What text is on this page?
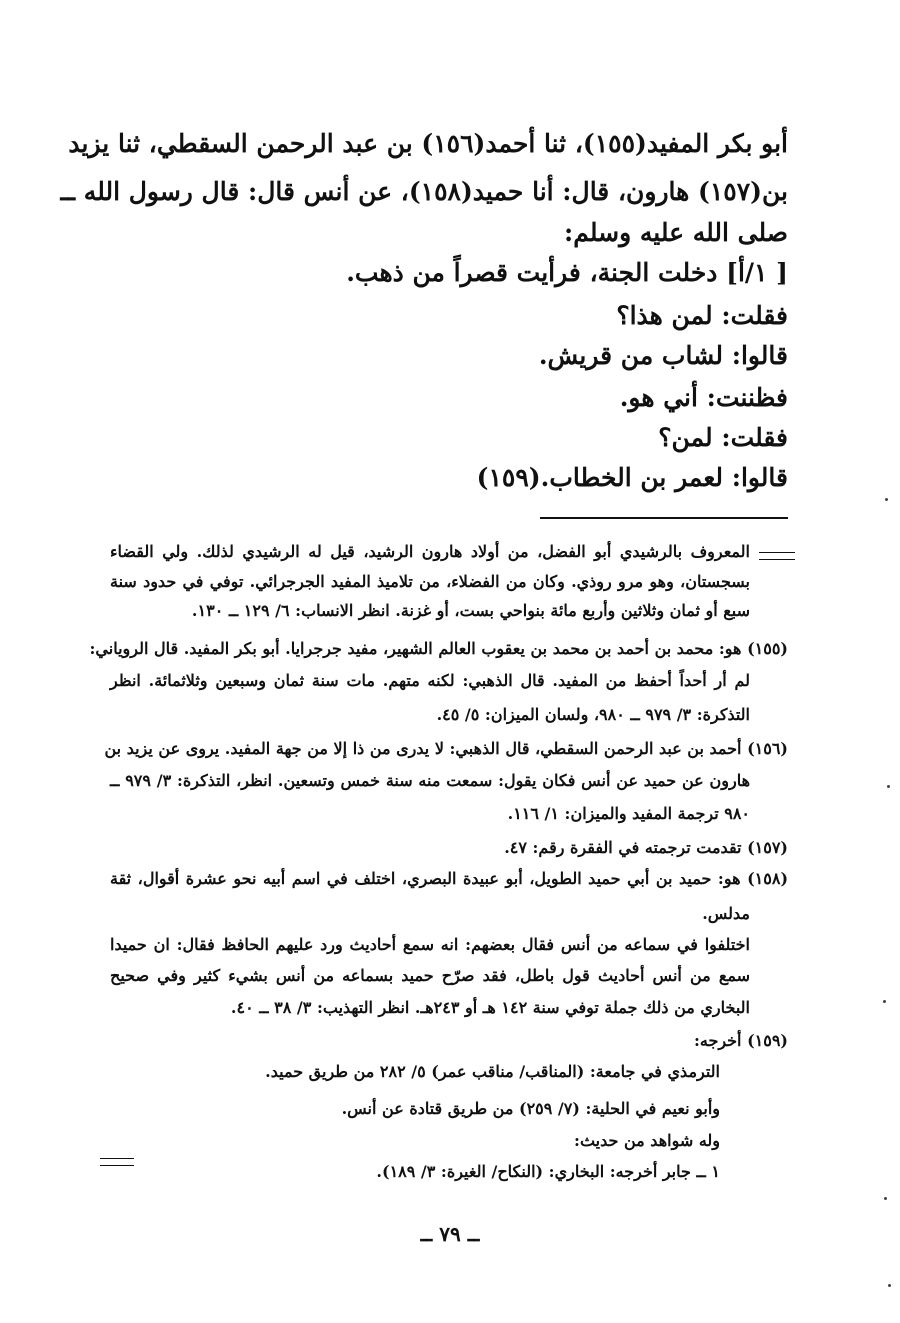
أبو بكر المفيد(١٥٥)، ثنا أحمد(١٥٦) بن عبد الرحمن السقطي، ثنا يزيد
بن(١٥٧) هارون، قال: أنا حميد(١٥٨)، عن أنس قال: قال رسول الله ــ
صلى الله عليه وسلم:
[ ١/أ] دخلت الجنة، فرأيت قصراً من ذهب.
فقلت: لمن هذا؟
قالوا: لشاب من قريش.
فظننت: أني هو.
فقلت: لمن؟
قالوا: لعمر بن الخطاب.(١٥٩)
المعروف بالرشيدي أبو الفضل، من أولاد هارون الرشيد، قيل له الرشيدي لذلك. ولي القضاء
بسجستان، وهو مرو روذي. وكان من الفضلاء، من تلاميذ المفيد الجرجرائي. توفي في حدود سنة
سبع أو ثمان وثلاثين وأربع مائة بنواحي بست، أو غزنة. انظر الانساب: ٦/ ١٢٩ ــ ١٣٠.
(١٥٥) هو: محمد بن أحمد بن محمد بن يعقوب العالم الشهير، مفيد جرجرايا. أبو بكر المفيد. قال الروياني:
لم أر أحداً أحفظ من المفيد. قال الذهبي: لكنه متهم. مات سنة ثمان وسبعين وثلاثمائة. انظر
التذكرة: ٣/ ٩٧٩ ــ ٩٨٠، ولسان الميزان: ٥/ ٤٥.
(١٥٦) أحمد بن عبد الرحمن السقطي، قال الذهبي: لا يدرى من ذا إلا من جهة المفيد. يروى عن يزيد بن
هارون عن حميد عن أنس فكان يقول: سمعت منه سنة خمس وتسعين. انظر، التذكرة: ٣/ ٩٧٩ ــ
٩٨٠ ترجمة المفيد والميزان: ١/ ١١٦.
(١٥٧) تقدمت ترجمته في الفقرة رقم: ٤٧.
(١٥٨) هو: حميد بن أبي حميد الطويل، أبو عبيدة البصري، اختلف في اسم أبيه نحو عشرة أقوال، ثقة
مدلس.
اختلفوا في سماعه من أنس فقال بعضهم: انه سمع أحاديث ورد عليهم الحافظ فقال: ان حميدا
سمع من أنس أحاديث قول باطل، فقد صرّح حميد بسماعه من أنس بشيء كثير وفي صحيح
البخاري من ذلك جملة توفي سنة ١٤٢ هـ أو ٢٤٣هـ. انظر التهذيب: ٣/ ٣٨ ــ ٤٠.
(١٥٩) أخرجه:
الترمذي في جامعة: (المناقب/ مناقب عمر) ٥/ ٢٨٢ من طريق حميد.
وأبو نعيم في الحلية: (٧/ ٢٥٩) من طريق قتادة عن أنس.
وله شواهد من حديث:
١ ــ جابر أخرجه: البخاري: (النكاح/ الغيرة: ٣/ ١٨٩).
ــ ٧٩ ــ
